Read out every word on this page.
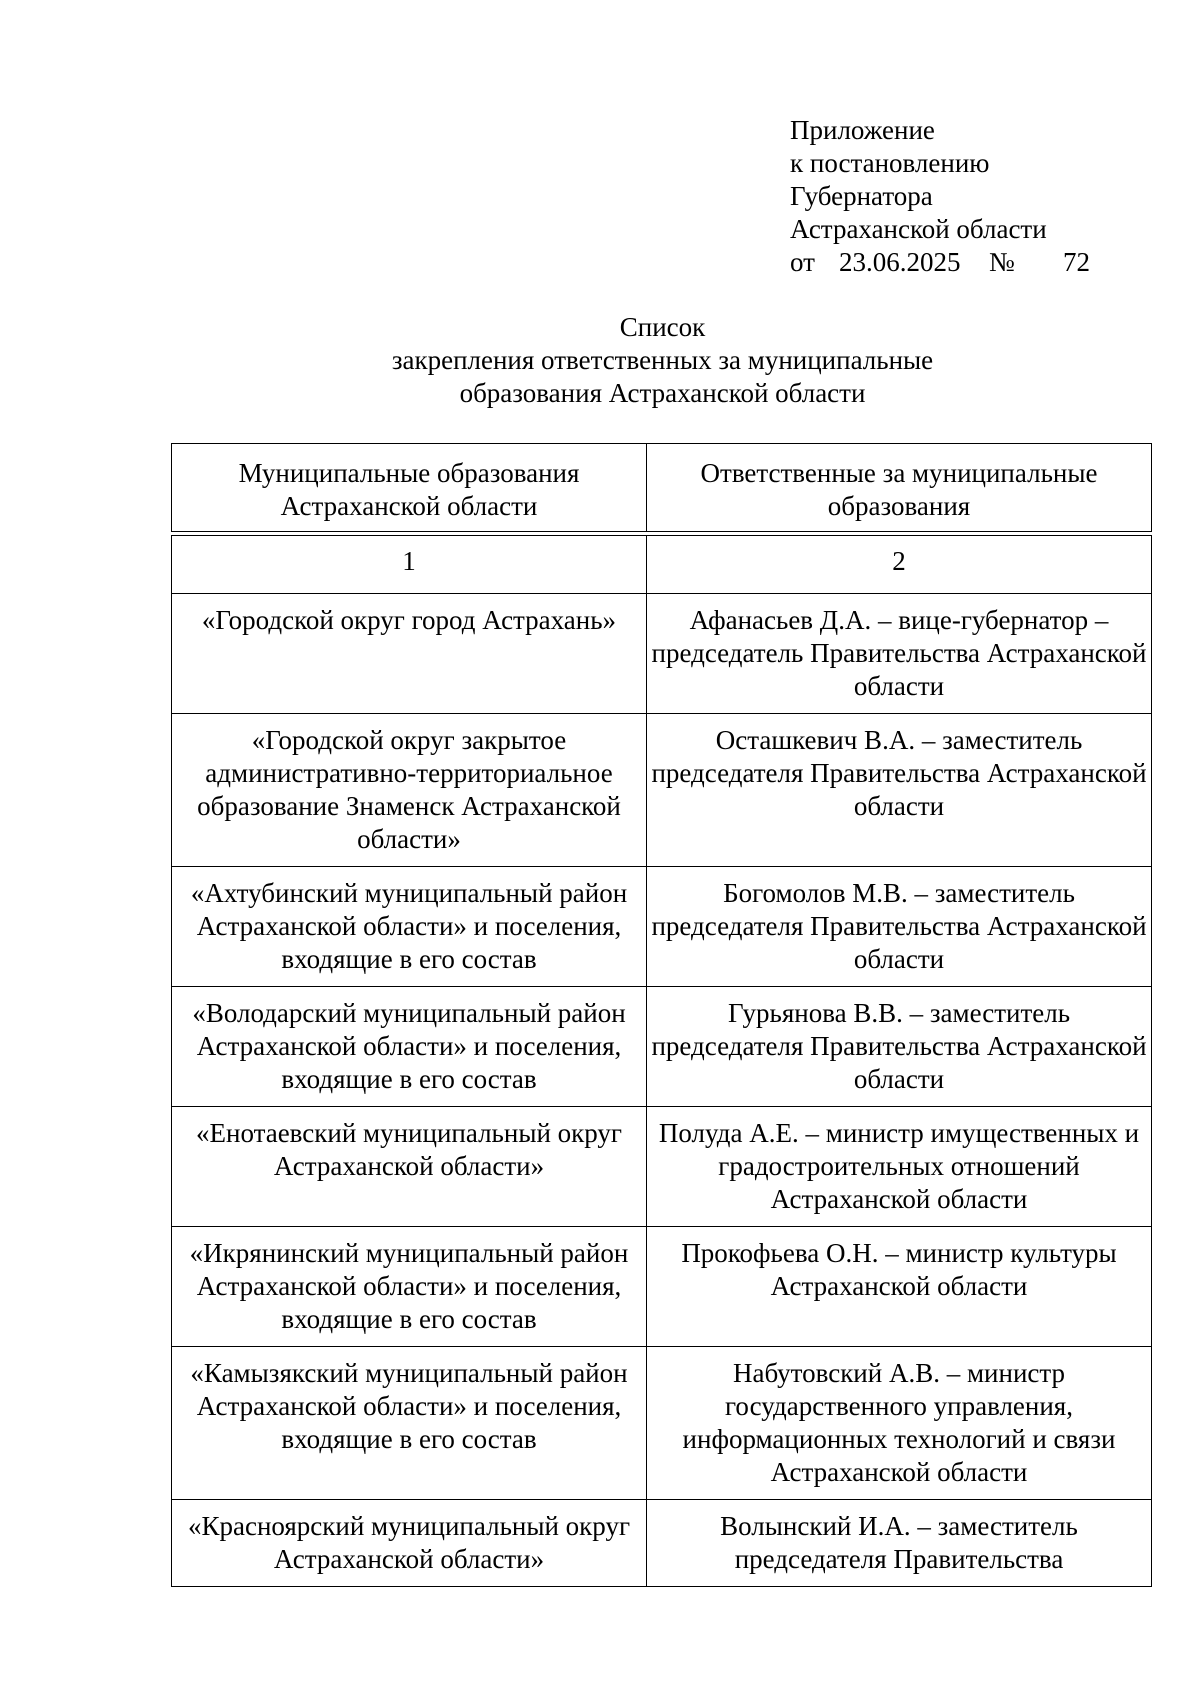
Приложение
к постановлению
Губернатора
Астраханской области
от 23.06.2025 № 72
Список
закрепления ответственных за муниципальные
образования Астраханской области
Муниципальные образования Астраханской области	Ответственные за муниципальные образования

1	2
«Городской округ город Астрахань»	Афанасьев Д.А. – вице-губернатор – председатель Правительства Астраханской области
«Городской округ закрытое административно-территориальное образование Знаменск Астраханской области»	Осташкевич В.А. – заместитель председателя Правительства Астраханской области
«Ахтубинский муниципальный район Астраханской области» и поселения, входящие в его состав	Богомолов М.В. – заместитель председателя Правительства Астраханской области
«Володарский муниципальный район Астраханской области» и поселения, входящие в его состав	Гурьянова В.В. – заместитель председателя Правительства Астраханской области
«Енотаевский муниципальный округ Астраханской области»	Полуда А.Е. – министр имущественных и градостроительных отношений Астраханской области
«Икрянинский муниципальный район Астраханской области» и поселения, входящие в его состав	Прокофьева О.Н. – министр культуры Астраханской области
«Камызякский муниципальный район Астраханской области» и поселения, входящие в его состав	Набутовский А.В. – министр государственного управления, информационных технологий и связи Астраханской области
«Красноярский муниципальный округ Астраханской области»	Волынский И.А. – заместитель председателя Правительства
